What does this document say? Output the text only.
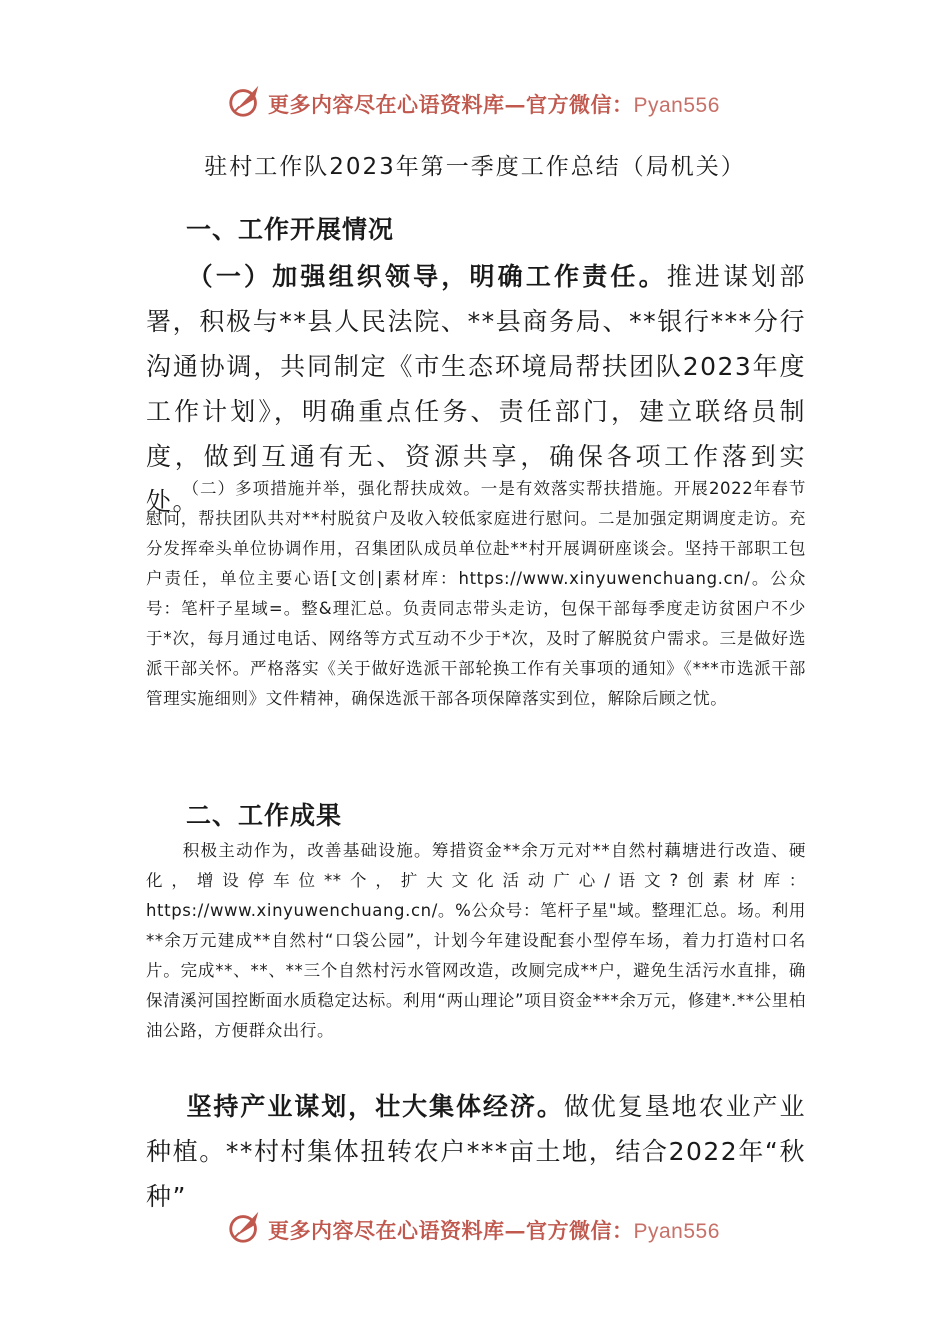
更多内容尽在心语资料库—官方微信：Pyan556
驻村工作队2023年第一季度工作总结（局机关）
一、工作开展情况
（一）加强组织领导，明确工作责任。推进谋划部署，积极与**县人民法院、**县商务局、**银行***分行沟通协调，共同制定《市生态环境局帮扶团队2023年度工作计划》，明确重点任务、责任部门，建立联络员制度，做到互通有无、资源共享，确保各项工作落到实处。
（二）多项措施并举，强化帮扶成效。一是有效落实帮扶措施。开展2022年春节慰问，帮扶团队共对**村脱贫户及收入较低家庭进行慰问。二是加强定期调度走访。充分发挥牵头单位协调作用，召集团队成员单位赴**村开展调研座谈会。坚持干部职工包户责任，单位主要心语[文创|素材库：https://www.xinyuwenchuang.cn/。公众号：笔杆子星域=。整&理汇总。负责同志带头走访，包保干部每季度走访贫困户不少于*次，每月通过电话、网络等方式互动不少于*次，及时了解脱贫户需求。三是做好选派干部关怀。严格落实《关于做好选派干部轮换工作有关事项的通知》《***市选派干部管理实施细则》文件精神，确保选派干部各项保障落实到位，解除后顾之忧。
二、工作成果
积极主动作为，改善基础设施。筹措资金**余万元对**自然村藕塘进行改造、硬化，增设停车位**个，扩大文化活动广心/语文?创素材库：https://www.xinyuwenchuang.cn/。%公众号：笔杆子星"域。整理汇总。场。利用**余万元建成**自然村“口袋公园”，计划今年建设配套小型停车场，着力打造村口名片。完成**、**、**三个自然村污水管网改造，改厕完成**户，避免生活污水直排，确保清溪河国控断面水质稳定达标。利用“两山理论”项目资金***余万元，修建*.**公里柏油公路，方便群众出行。
坚持产业谋划，壮大集体经济。做优复垦地农业产业种植。**村村集体扭转农户***亩土地，结合2022年“秋种”
更多内容尽在心语资料库—官方微信：Pyan556
